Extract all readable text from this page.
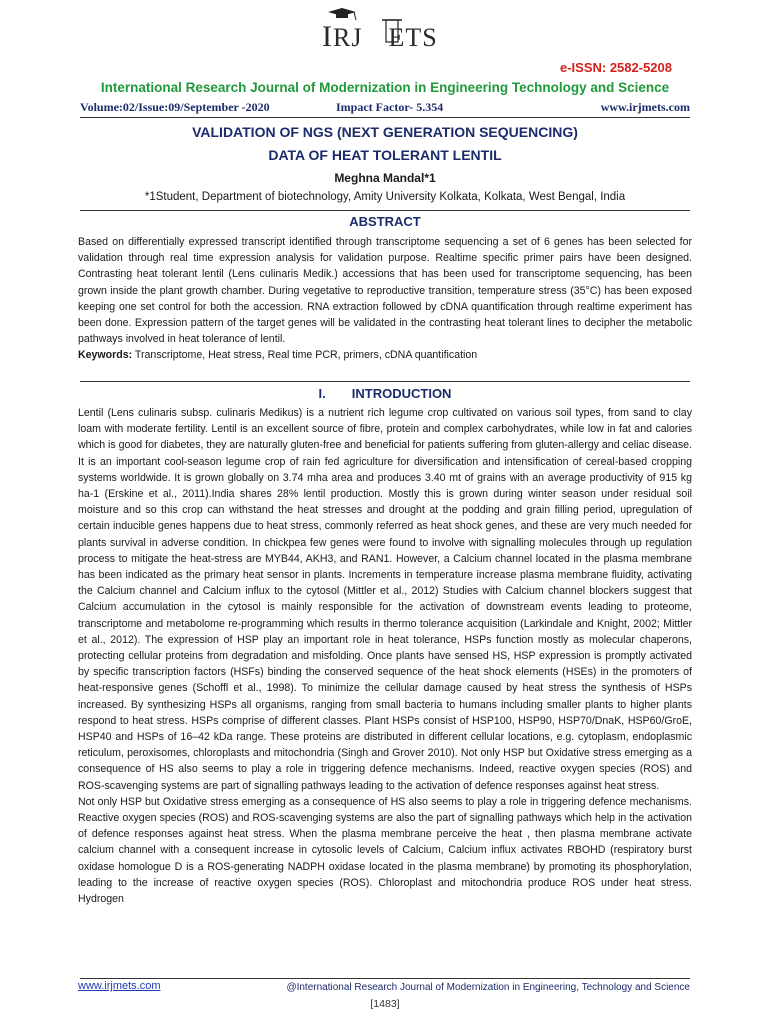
IRJ ETS
e-ISSN: 2582-5208
International Research Journal of Modernization in Engineering Technology and Science
Volume:02/Issue:09/September -2020	Impact Factor- 5.354	www.irjmets.com
VALIDATION OF NGS (NEXT GENERATION SEQUENCING)
DATA OF HEAT TOLERANT LENTIL
Meghna Mandal*1
*1Student, Department of biotechnology, Amity University Kolkata, Kolkata, West Bengal, India
ABSTRACT

Based on differentially expressed transcript identified through transcriptome sequencing a set of 6 genes has been selected for validation through real time expression analysis for validation purpose. Realtime specific primer pairs have been designed. Contrasting heat tolerant lentil (Lens culinaris Medik.) accessions that has been used for transcriptome sequencing, has been grown inside the plant growth chamber. During vegetative to reproductive transition, temperature stress (35°C) has been exposed keeping one set control for both the accession. RNA extraction followed by cDNA quantification through realtime experiment has been done. Expression pattern of the target genes will be validated in the contrasting heat tolerant lines to decipher the metabolic pathways involved in heat tolerance of lentil.

Keywords: Transcriptome, Heat stress, Real time PCR, primers, cDNA quantification

I. INTRODUCTION

Lentil (Lens culinaris subsp. culinaris Medikus) is a nutrient rich legume crop cultivated on various soil types, from sand to clay loam with moderate fertility. Lentil is an excellent source of fibre, protein and complex carbohydrates, while low in fat and calories which is good for diabetes, they are naturally gluten-free and beneficial for patients suffering from gluten-allergy and celiac disease. It is an important cool-season legume crop of rain fed agriculture for diversification and intensification of cereal-based cropping systems worldwide. It is grown globally on 3.74 mha area and produces 3.40 mt of grains with an average productivity of 915 kg ha-1 (Erskine et al., 2011).India shares 28% lentil production. Mostly this is grown during winter season under residual soil moisture and so this crop can withstand the heat stresses and drought at the podding and grain filling period, upregulation of certain inducible genes happens due to heat stress, commonly referred as heat shock genes, and these are very much needed for plants survival in adverse condition. In chickpea few genes were found to involve with signalling molecules through up regulation process to mitigate the heat-stress are MYB44, AKH3, and RAN1. However, a Calcium channel located in the plasma membrane has been indicated as the primary heat sensor in plants. Increments in temperature increase plasma membrane fluidity, activating the Calcium channel and Calcium influx to the cytosol (Mittler et al., 2012) Studies with Calcium channel blockers suggest that Calcium accumulation in the cytosol is mainly responsible for the activation of downstream events leading to proteome, transcriptome and metabolome re-programming which results in thermo tolerance acquisition (Larkindale and Knight, 2002; Mittler et al., 2012). The expression of HSP play an important role in heat tolerance, HSPs function mostly as molecular chaperons, protecting cellular proteins from degradation and misfolding. Once plants have sensed HS, HSP expression is promptly activated by specific transcription factors (HSFs) binding the conserved sequence of the heat shock elements (HSEs) in the promoters of heat-responsive genes (Schoffl et al., 1998). To minimize the cellular damage caused by heat stress the synthesis of HSPs increased. By synthesizing HSPs all organisms, ranging from small bacteria to humans including smaller plants to higher plants respond to heat stress. HSPs comprise of different classes. Plant HSPs consist of HSP100, HSP90, HSP70/DnaK, HSP60/GroE, HSP40 and HSPs of 16–42 kDa range. These proteins are distributed in different cellular locations, e.g. cytoplasm, endoplasmic reticulum, peroxisomes, chloroplasts and mitochondria (Singh and Grover 2010). Not only HSP but Oxidative stress emerging as a consequence of HS also seems to play a role in triggering defence mechanisms. Indeed, reactive oxygen species (ROS) and ROS-scavenging systems are part of signalling pathways leading to the activation of defence responses against heat stress.

Not only HSP but Oxidative stress emerging as a consequence of HS also seems to play a role in triggering defence mechanisms. Reactive oxygen species (ROS) and ROS-scavenging systems are also the part of signalling pathways which help in the activation of defence responses against heat stress. When the plasma membrane perceive the heat , then plasma membrane activate calcium channel with a consequent increase in cytosolic levels of Calcium, Calcium influx activates RBOHD (respiratory burst oxidase homologue D is a ROS-generating NADPH oxidase located in the plasma membrane) by promoting its phosphorylation, leading to the increase of reactive oxygen species (ROS). Chloroplast and mitochondria produce ROS under heat stress. Hydrogen

www.irjmets.com	@International Research Journal of Modernization in Engineering, Technology and Science
[1483]
